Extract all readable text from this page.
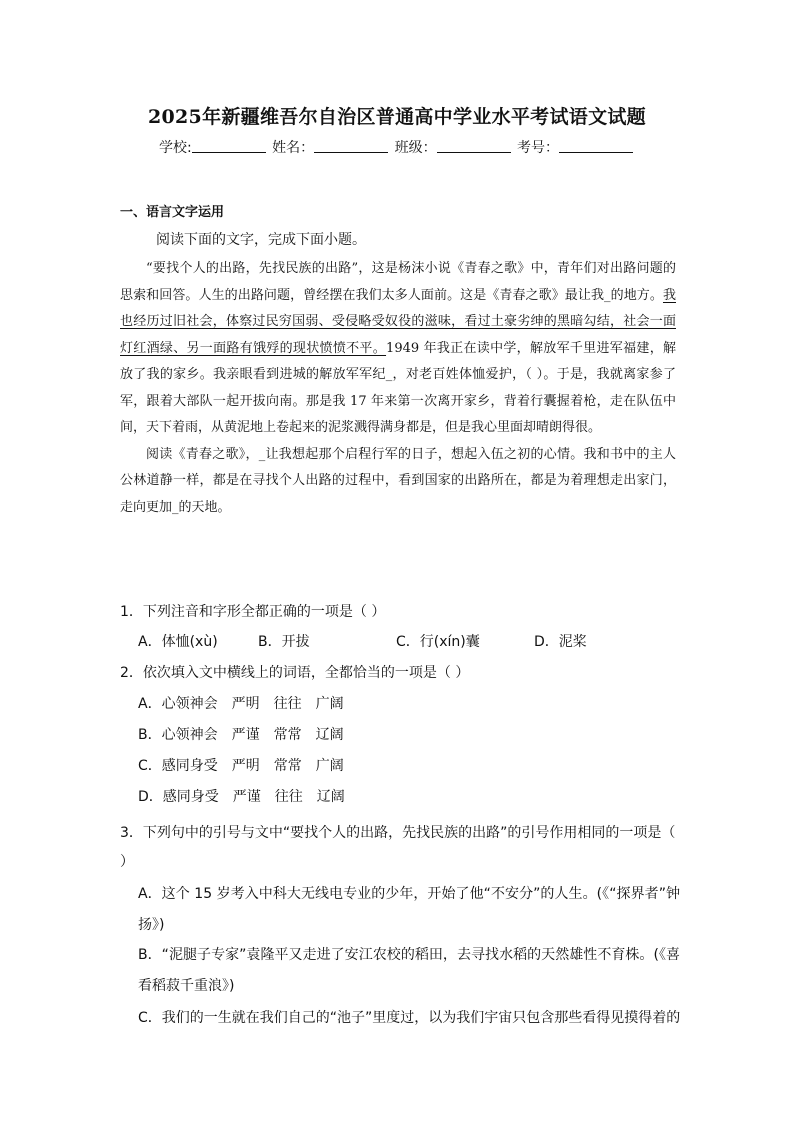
2025年新疆维吾尔自治区普通高中学业水平考试语文试题
学校:	姓名：	班级：	考号：
一、语言文字运用
阅读下面的文字，完成下面小题。

“要找个人的出路，先找民族的出路”，这是杨沫小说《青春之歌》中，青年们对出路问题的思索和回答。人生的出路问题，曾经摆在我们太多人面前。这是《青春之歌》最让我_的地方。我也经历过旧社会，体察过民穷国弱、受侵略受奴役的滋味，看过土豪劣绅的黑暗勾结，社会一面灯红酒绿、另一面路有饿殍的现状愤愤不平。1949 年我正在读中学，解放军千里进军福建，解放了我的家乡。我亲眼看到进城的解放军军纪_，对老百姓体恤爱护，（ ）。于是，我就离家参了军，跟着大部队一起开拔向南。那是我 17 年来第一次离开家乡，背着行囊握着枪，走在队伍中间，天下着雨，从黄泥地上卷起来的泥浆溅得满身都是，但是我心里面却晴朗得很。

阅读《青春之歌》，_让我想起那个启程行军的日子，想起入伍之初的心情。我和书中的主人公林道静一样，都是在寻找个人出路的过程中，看到国家的出路所在，都是为着理想走出家门，走向更加_的天地。

1．下列注音和字形全都正确的一项是（ ）
A．体恤(xù)	B．开拔	C．行(xín)囊	D．泥桨
2．依次填入文中横线上的词语，全都恰当的一项是（ ）
A．心领神会 严明 往往 广阔
B．心领神会 严谨 常常 辽阔
C．感同身受 严明 常常 广阔
D．感同身受 严谨 往往 辽阔
3．下列句中的引号与文中“要找个人的出路，先找民族的出路”的引号作用相同的一项是（ ）
A．这个 15 岁考入中科大无线电专业的少年，开始了他“不安分”的人生。(《“探界者”钟扬》)
B．“泥腿子专家”袁隆平又走进了安江农校的稻田，去寻找水稻的天然雄性不育株。(《喜看稻菽千重浪》)
C．我们的一生就在我们自己的“池子”里度过，以为我们宇宙只包含那些看得见摸得着的
